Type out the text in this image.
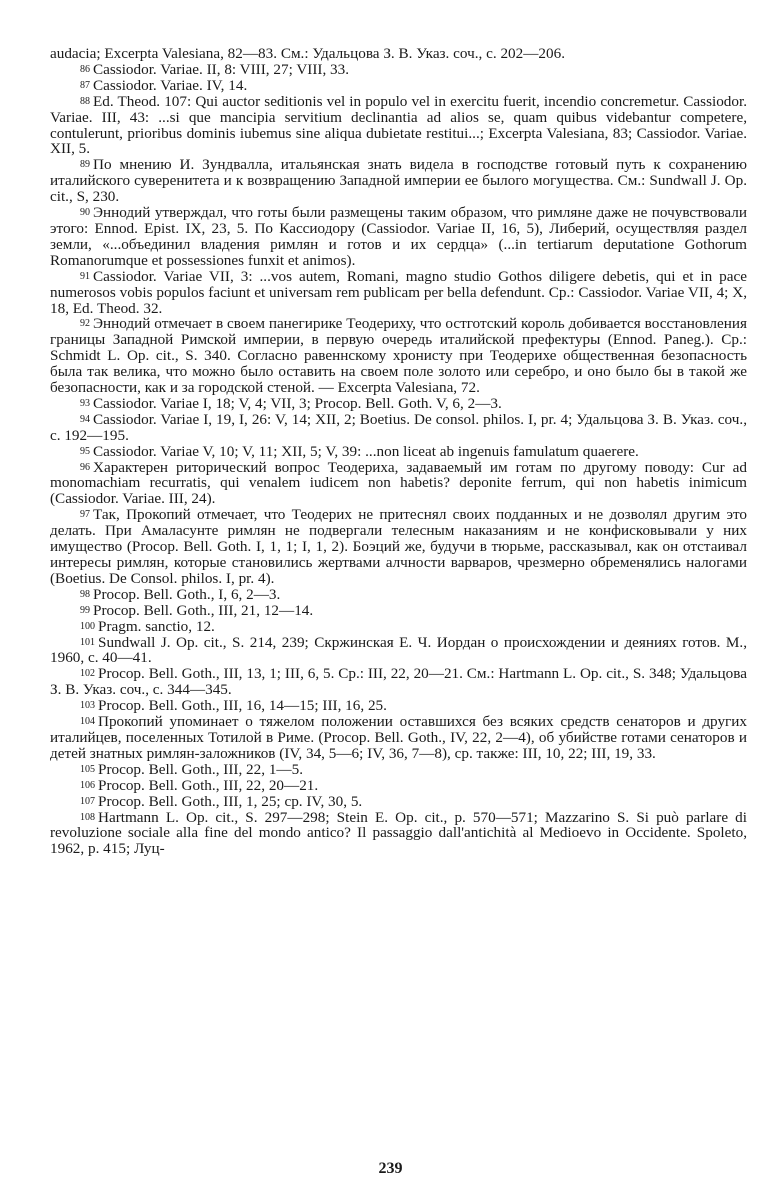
audacia; Excerpta Valesiana, 82—83. См.: Удальцова З. В. Указ. соч., с. 202—206.

86 Cassiodor. Variae. II, 8: VIII, 27; VIII, 33.

87 Cassiodor. Variae. IV, 14.

88 Ed. Theod. 107: Qui auctor seditionis vel in populo vel in exercitu fuerit, incendio concremetur. Cassiodor. Variae. III, 43: ...si que mancipia servitium declinantia ad alios se, quam quibus videbantur competere, contulerunt, prioribus dominis iubemus sine aliqua dubietate restitui...; Excerpta Valesiana, 83; Cassiodor. Variae. XII, 5.

89 По мнению И. Зундвалла, итальянская знать видела в господстве готовый путь к сохранению италийского суверенитета и к возвращению Западной империи ее былого могущества. См.: Sundwall J. Op. cit., S, 230.

90 Эннодий утверждал, что готы были размещены таким образом, что римляне даже не почувствовали этого: Ennod. Epist. IX, 23, 5. По Кассиодору (Cassiodor. Variae II, 16, 5), Либерий, осуществляя раздел земли, «...объединил владения римлян и готов и их сердца» (...in tertiarum deputatione Gothorum Romanorumque et possessiones funxit et animos).

91 Cassiodor. Variae VII, 3: ...vos autem, Romani, magno studio Gothos diligere debetis, qui et in pace numerosos vobis populos faciunt et universam rem publicam per bella defendunt. Ср.: Cassiodor. Variae VII, 4; X, 18, Ed. Theod. 32.

92 Эннодий отмечает в своем панегирике Теодериху, что остготский король добивается восстановления границы Западной Римской империи, в первую очередь италийской префектуры (Ennod. Paneg.). Ср.: Schmidt L. Op. cit., S. 340. Согласно равеннскому хронисту при Теодерихе общественная безопасность была так велика, что можно было оставить на своем поле золото или серебро, и оно было бы в такой же безопасности, как и за городской стеной. — Excerpta Valesiana, 72.

93 Cassiodor. Variae I, 18; V, 4; VII, 3; Procop. Bell. Goth. V, 6, 2—3.

94 Cassiodor. Variae I, 19, I, 26: V, 14; XII, 2; Boetius. De consol. philos. I, pr. 4; Удальцова З. В. Указ. соч., с. 192—195.

95 Cassiodor. Variae V, 10; V, 11; XII, 5; V, 39: ...non liceat ab ingenuis famulatum quaerere.

96 Характерен риторический вопрос Теодериха, задаваемый им готам по другому поводу: Cur ad monomachiam recurratis, qui venalem iudicem non habetis? deponite ferrum, qui non habetis inimicum (Cassiodor. Variae. III, 24).

97 Так, Прокопий отмечает, что Теодерих не притеснял своих подданных и не дозволял другим это делать. При Амаласунте римлян не подвергали телесным наказаниям и не конфисковывали у них имущество (Procop. Bell. Goth. I, 1, 1; I, 1, 2). Боэций же, будучи в тюрьме, рассказывал, как он отстаивал интересы римлян, которые становились жертвами алчности варваров, чрезмерно обременялись налогами (Boetius. De Consol. philos. I, pr. 4).

98 Procop. Bell. Goth., I, 6, 2—3.

99 Procop. Bell. Goth., III, 21, 12—14.

100 Pragm. sanctio, 12.

101 Sundwall J. Op. cit., S. 214, 239; Скржинская Е. Ч. Иордан о происхождении и деяниях готов. М., 1960, с. 40—41.

102 Procop. Bell. Goth., III, 13, 1; III, 6, 5. Ср.: III, 22, 20—21. См.: Hartmann L. Op. cit., S. 348; Удальцова З. В. Указ. соч., с. 344—345.

103 Procop. Bell. Goth., III, 16, 14—15; III, 16, 25.

104 Прокопий упоминает о тяжелом положении оставшихся без всяких средств сенаторов и других италийцев, поселенных Тотилой в Риме. (Procop. Bell. Goth., IV, 22, 2—4), об убийстве готами сенаторов и детей знатных римлян-заложников (IV, 34, 5—6; IV, 36, 7—8), ср. также: III, 10, 22; III, 19, 33.

105 Procop. Bell. Goth., III, 22, 1—5.

106 Procop. Bell. Goth., III, 22, 20—21.

107 Procop. Bell. Goth., III, 1, 25; ср. IV, 30, 5.

108 Hartmann L. Op. cit., S. 297—298; Stein E. Op. cit., p. 570—571; Mazzarino S. Si può parlare di revoluzione sociale alla fine del mondo antico? Il passaggio dall'antichità al Medioevo in Occidente. Spoleto, 1962, p. 415; Луц-

239
